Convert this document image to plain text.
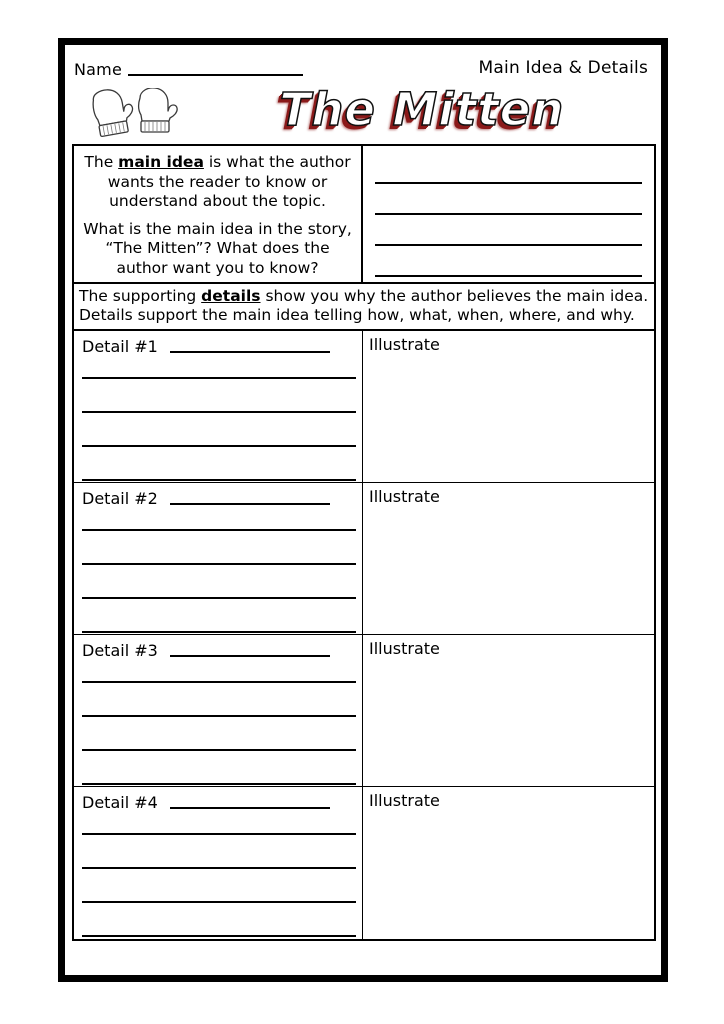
Name	Main Idea & Details
The Mitten

The main idea is what the author wants the reader to know or understand about the topic.

What is the main idea in the story, “The Mitten”? What does the author want you to know?

The supporting details show you why the author believes the main idea. Details support the main idea telling how, what, when, where, and why.
Detail #1	Illustrate
Detail #2	Illustrate
Detail #3	Illustrate
Detail #4	Illustrate
